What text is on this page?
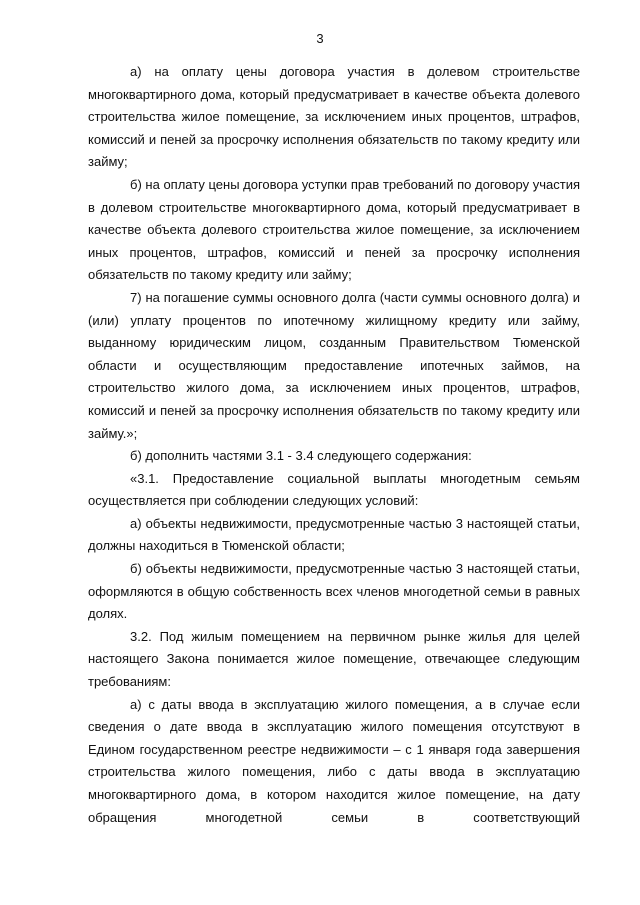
3

а) на оплату цены договора участия в долевом строительстве многоквартирного дома, который предусматривает в качестве объекта долевого строительства жилое помещение, за исключением иных процентов, штрафов, комиссий и пеней за просрочку исполнения обязательств по такому кредиту или займу;

б) на оплату цены договора уступки прав требований по договору участия в долевом строительстве многоквартирного дома, который предусматривает в качестве объекта долевого строительства жилое помещение, за исключением иных процентов, штрафов, комиссий и пеней за просрочку исполнения обязательств по такому кредиту или займу;

7) на погашение суммы основного долга (части суммы основного долга) и (или) уплату процентов по ипотечному жилищному кредиту или займу, выданному юридическим лицом, созданным Правительством Тюменской области и осуществляющим предоставление ипотечных займов, на строительство жилого дома, за исключением иных процентов, штрафов, комиссий и пеней за просрочку исполнения обязательств по такому кредиту или займу.»;

б) дополнить частями 3.1 - 3.4 следующего содержания:

«3.1. Предоставление социальной выплаты многодетным семьям осуществляется при соблюдении следующих условий:

а) объекты недвижимости, предусмотренные частью 3 настоящей статьи, должны находиться в Тюменской области;

б) объекты недвижимости, предусмотренные частью 3 настоящей статьи, оформляются в общую собственность всех членов многодетной семьи в равных долях.

3.2. Под жилым помещением на первичном рынке жилья для целей настоящего Закона понимается жилое помещение, отвечающее следующим требованиям:

а) с даты ввода в эксплуатацию жилого помещения, а в случае если сведения о дате ввода в эксплуатацию жилого помещения отсутствуют в Едином государственном реестре недвижимости – с 1 января года завершения строительства жилого помещения, либо с даты ввода в эксплуатацию многоквартирного дома, в котором находится жилое помещение, на дату обращения многодетной семьи в соответствующий
